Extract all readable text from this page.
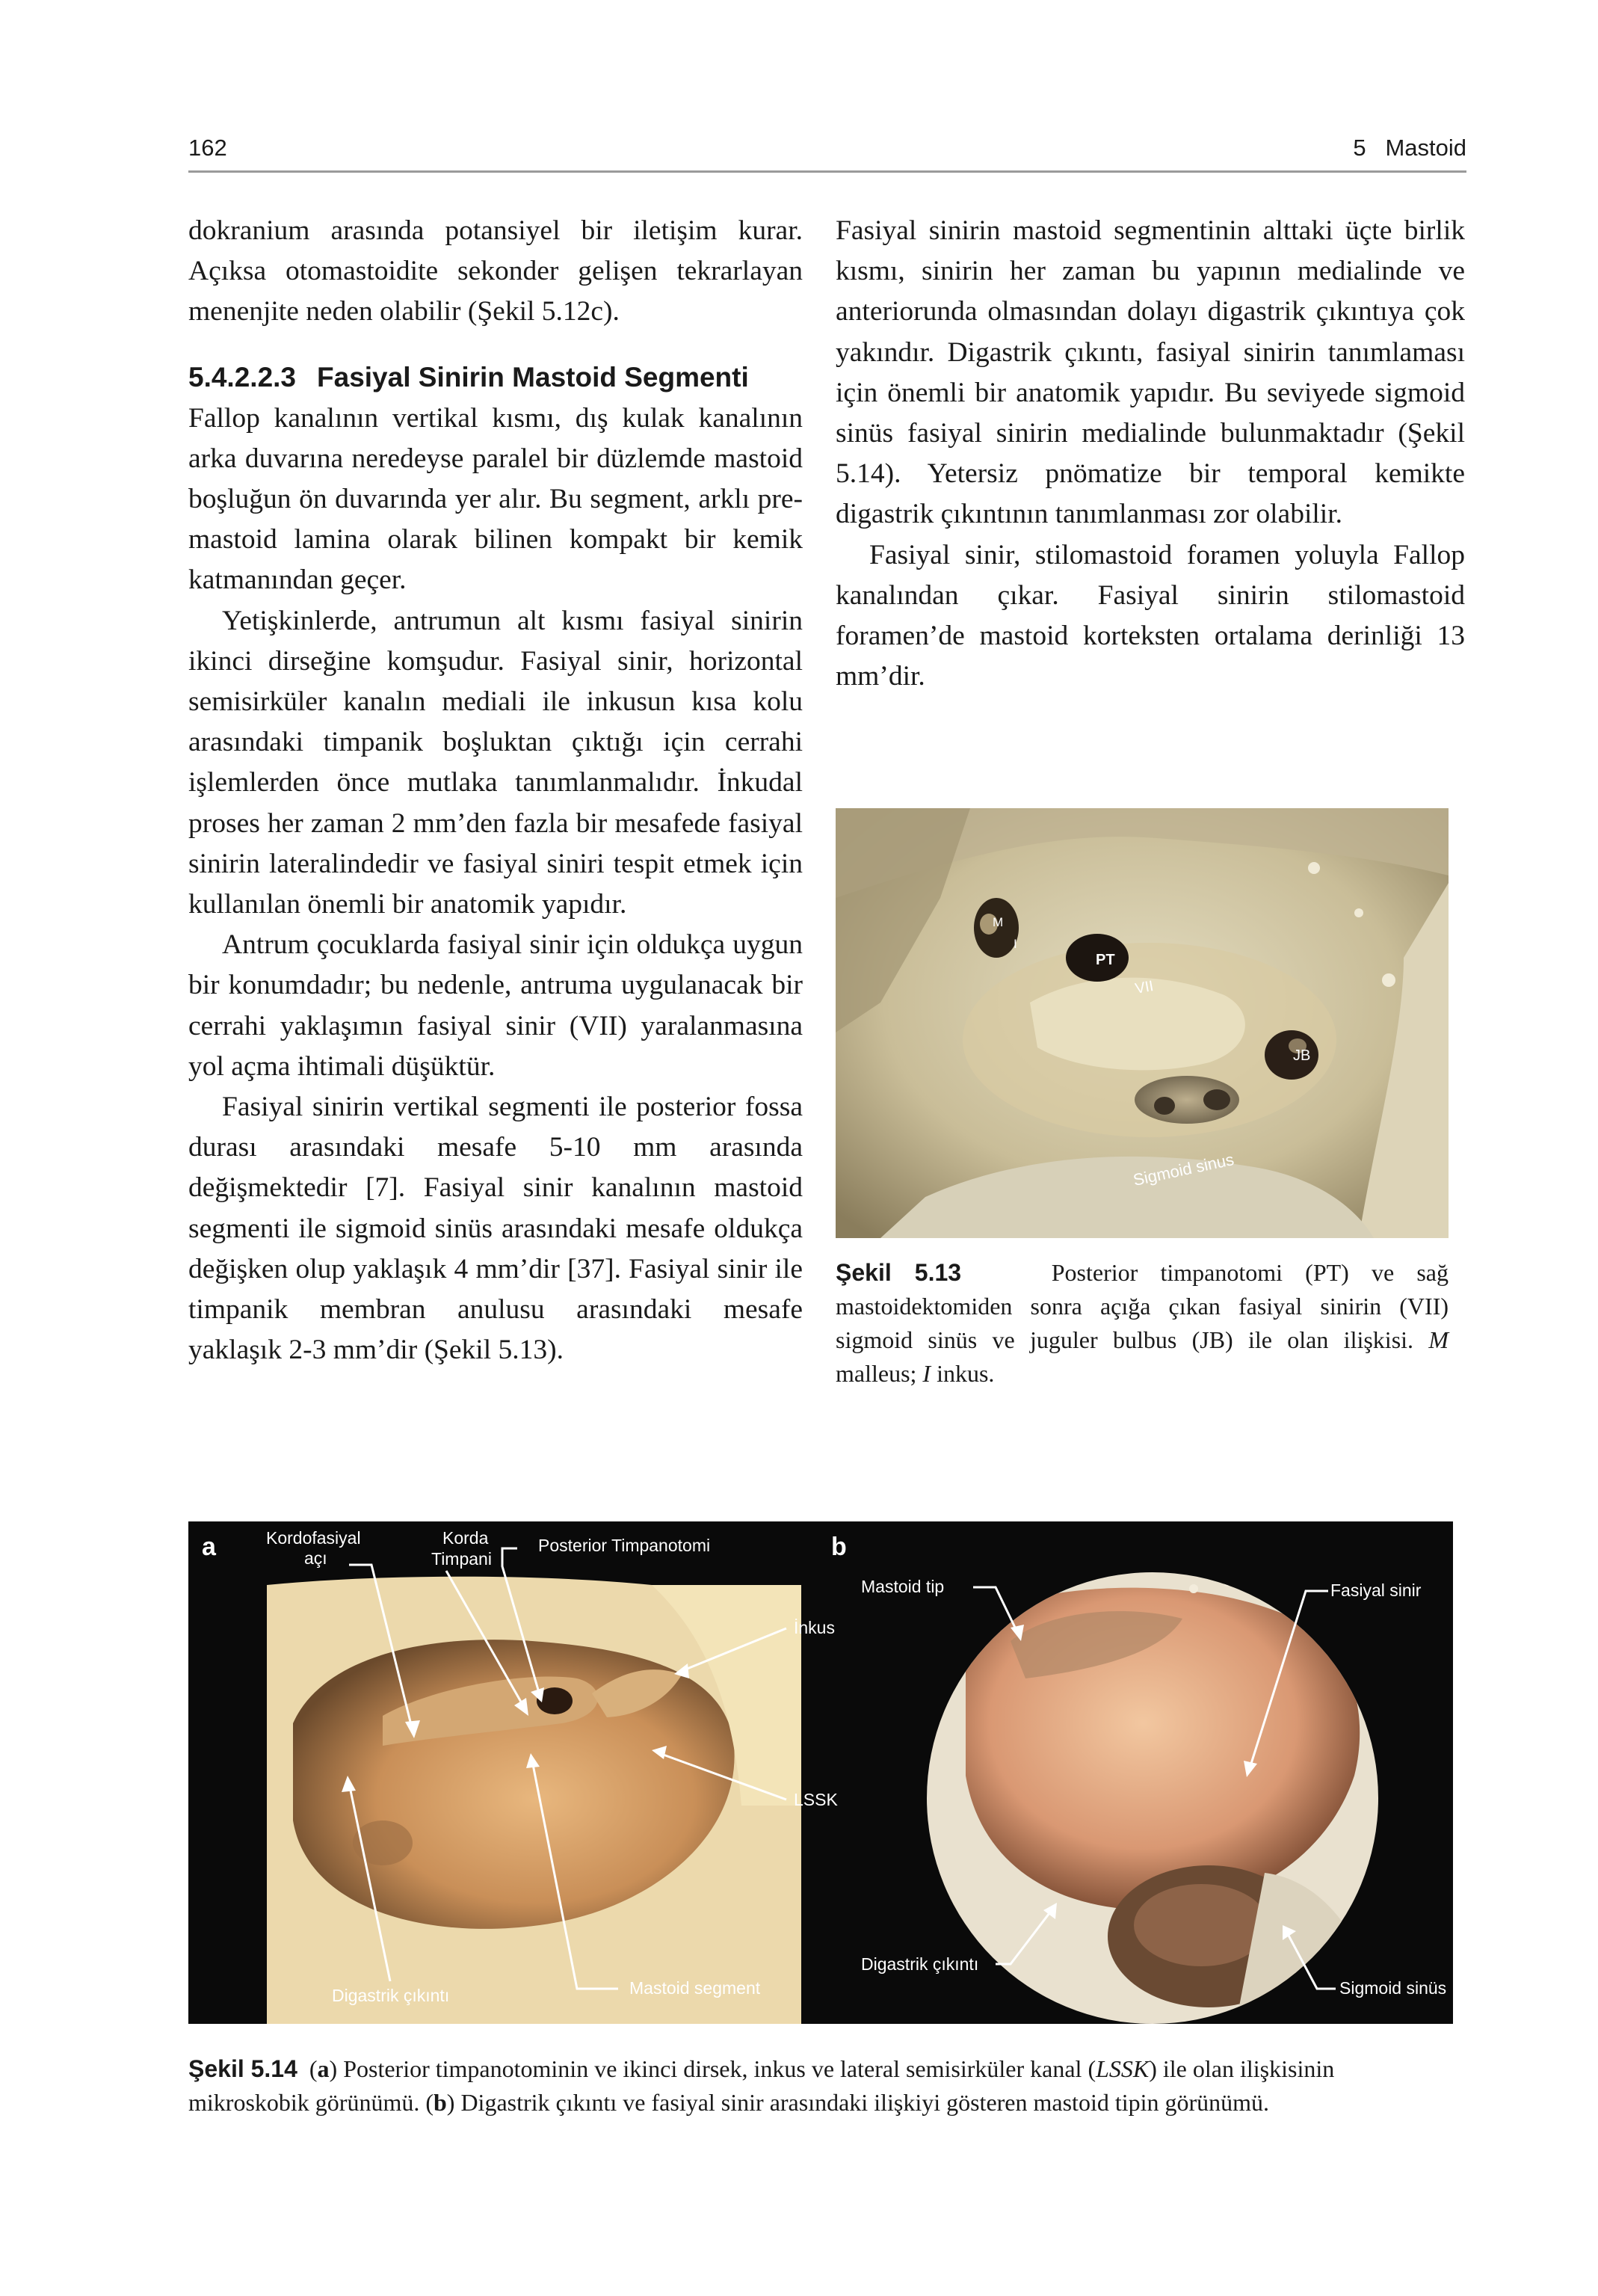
162	5   Mastoid

dokranium arasında potansiyel bir iletişim kurar. Açıksa otomastoidite sekonder gelişen tekrarlayan menenjite neden olabilir (Şekil 5.12c).

5.4.2.2.3 Fasiyal Sinirin Mastoid Segmenti

Fallop kanalının vertikal kısmı, dış kulak kanalının arka duvarına neredeyse paralel bir düzlemde mastoid boşluğun ön duvarında yer alır. Bu segment, arklı pre-mastoid lamina olarak bilinen kompakt bir kemik katmanından geçer.

Yetişkinlerde, antrumun alt kısmı fasiyal sinirin ikinci dirseğine komşudur. Fasiyal sinir, horizontal semisirküler kanalın mediali ile inkusun kısa kolu arasındaki timpanik boşluktan çıktığı için cerrahi işlemlerden önce mutlaka tanımlanmalıdır. İnkudal proses her zaman 2 mm’den fazla bir mesafede fasiyal sinirin lateralindedir ve fasiyal siniri tespit etmek için kullanılan önemli bir anatomik yapıdır.

Antrum çocuklarda fasiyal sinir için oldukça uygun bir konumdadır; bu nedenle, antruma uygulanacak bir cerrahi yaklaşımın fasiyal sinir (VII) yaralanmasına yol açma ihtimali düşüktür.

Fasiyal sinirin vertikal segmenti ile posterior fossa durası arasındaki mesafe 5-10 mm arasında değişmektedir [7]. Fasiyal sinir kanalının mastoid segmenti ile sigmoid sinüs arasındaki mesafe oldukça değişken olup yaklaşık 4 mm’dir [37]. Fasiyal sinir ile timpanik membran anulusu arasındaki mesafe yaklaşık 2-3 mm’dir (Şekil 5.13).

Fasiyal sinirin mastoid segmentinin alttaki üçte birlik kısmı, sinirin her zaman bu yapının medialinde ve anteriorunda olmasından dolayı digastrik çıkıntıya çok yakındır. Digastrik çıkıntı, fasiyal sinirin tanımlaması için önemli bir anatomik yapıdır. Bu seviyede sigmoid sinüs fasiyal sinirin medialinde bulunmaktadır (Şekil 5.14). Yetersiz pnömatize bir temporal kemikte digastrik çıkıntının tanımlanması zor olabilir.

Fasiyal sinir, stilomastoid foramen yoluyla Fallop kanalından çıkar. Fasiyal sinirin stilomastoid foramen’de mastoid korteksten ortalama derinliği 13 mm’dir.

M
I
PT
VII
JB
Sigmoid sinus
Şekil 5.13	Posterior timpanotomi (PT) ve sağ mastoidektomiden sonra açığa çıkan fasiyal sinirin (VII) sigmoid sinüs ve juguler bulbus (JB) ile olan ilişkisi. M malleus; I inkus.
a	Kordofasiyal
açı
Korda
Timpani
Posterior Timpanotomi
İnkus
LSSK
Digastrik çıkıntı	Mastoid segment
b
Mastoid tip	Fasiyal sinir
Digastrik çıkıntı
Sigmoid sinüs
Şekil 5.14  (a) Posterior timpanotominin ve ikinci dirsek, inkus ve lateral semisirküler kanal (LSSK) ile olan ilişkisinin mikroskobik görünümü. (b) Digastrik çıkıntı ve fasiyal sinir arasındaki ilişkiyi gösteren mastoid tipin görünümü.
